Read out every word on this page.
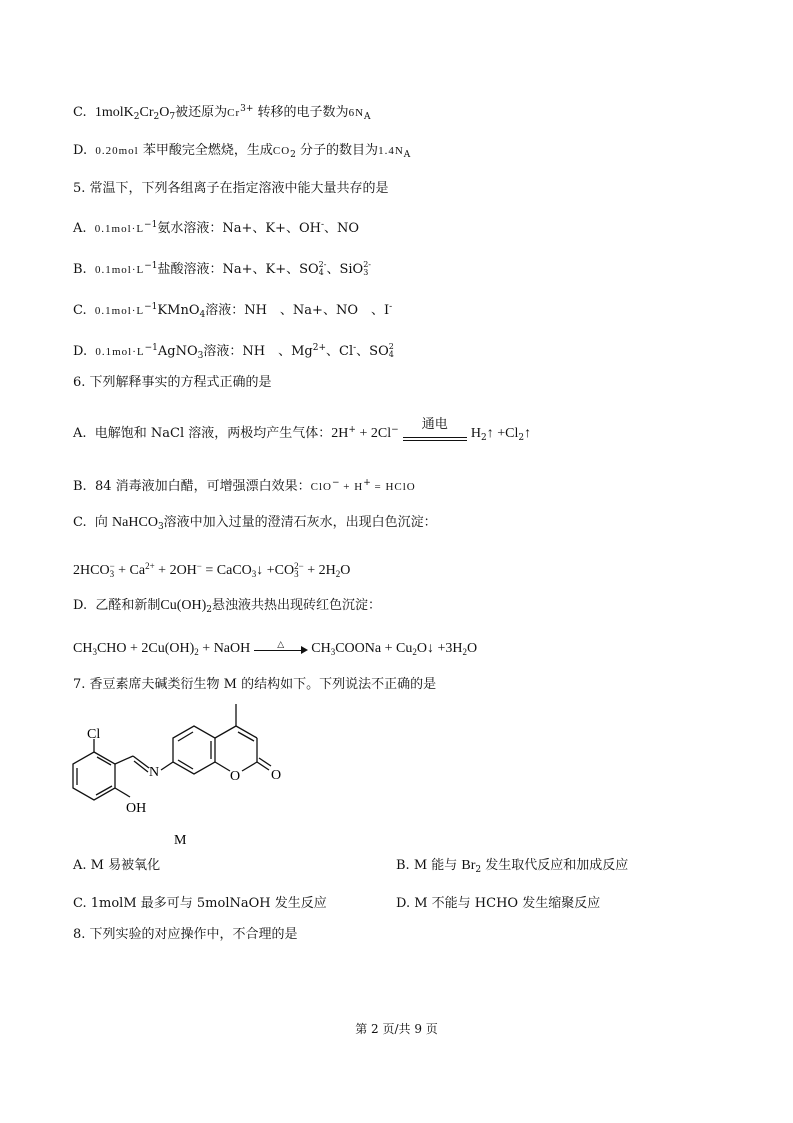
C. $1molK_2Cr_2O_7$被还原为$Cr^{3+}$ 转移的电子数为$6N_A$
D. 0.20mol 苯甲酸完全燃烧，生成$CO_2$ 分子的数目为$1.4N_A$
5. 常温下，下列各组离子在指定溶液中能大量共存的是
A. $0.1mol\cdot L^{-1}$氨水溶液：Na+、K+、OH-、NO
B. $0.1mol\cdot L^{-1}$盐酸溶液：Na+、K+、SO2-
4 、SiO2-
3
C. $0.1mol\cdot L^{-1}KMnO_4$溶液：NH　、Na+、NO　、I-
D. $0.1mol\cdot L^{-1}AgNO_3$溶液：NH　、$Mg^{2+}$、Cl-、SO2
4
6. 下列解释事实的方程式正确的是
A. 电解饱和 NaCl 溶液，两极均产生气体：2H+ + 2Cl−	通电
$H_2↑$ $+Cl_2↑$
B. 84 消毒液加白醋，可增强漂白效果：ClO− + H+ = HClO
C. 向 NaHCO$_3$溶液中加入过量的澄清石灰水，出现白色沉淀：
2HCO−
$3 + Ca^{2+} + 2OH^-$ = CaCO$_3$↓ +CO2−
$3 + 2H_2O$
D. 乙醛和新制$Cu(OH)_2$悬浊液共热出现砖红色沉淀：
$CH_3CHO + 2Cu(OH)_2$ + NaOH	△	$CH_3COONa$ + $Cu_2O↓ +3H_2O$
7. 香豆素席夫碱类衍生物 M 的结构如下。下列说法不正确的是
Cl
N	O O
OH
M
A. M 易被氧化	B. M 能与 $Br_2$ 发生取代反应和加成反应
C. 1molM 最多可与 5molNaOH 发生反应	D. M 不能与 HCHO 发生缩聚反应
8. 下列实验的对应操作中，不合理的是
第 2 页/共 9 页
